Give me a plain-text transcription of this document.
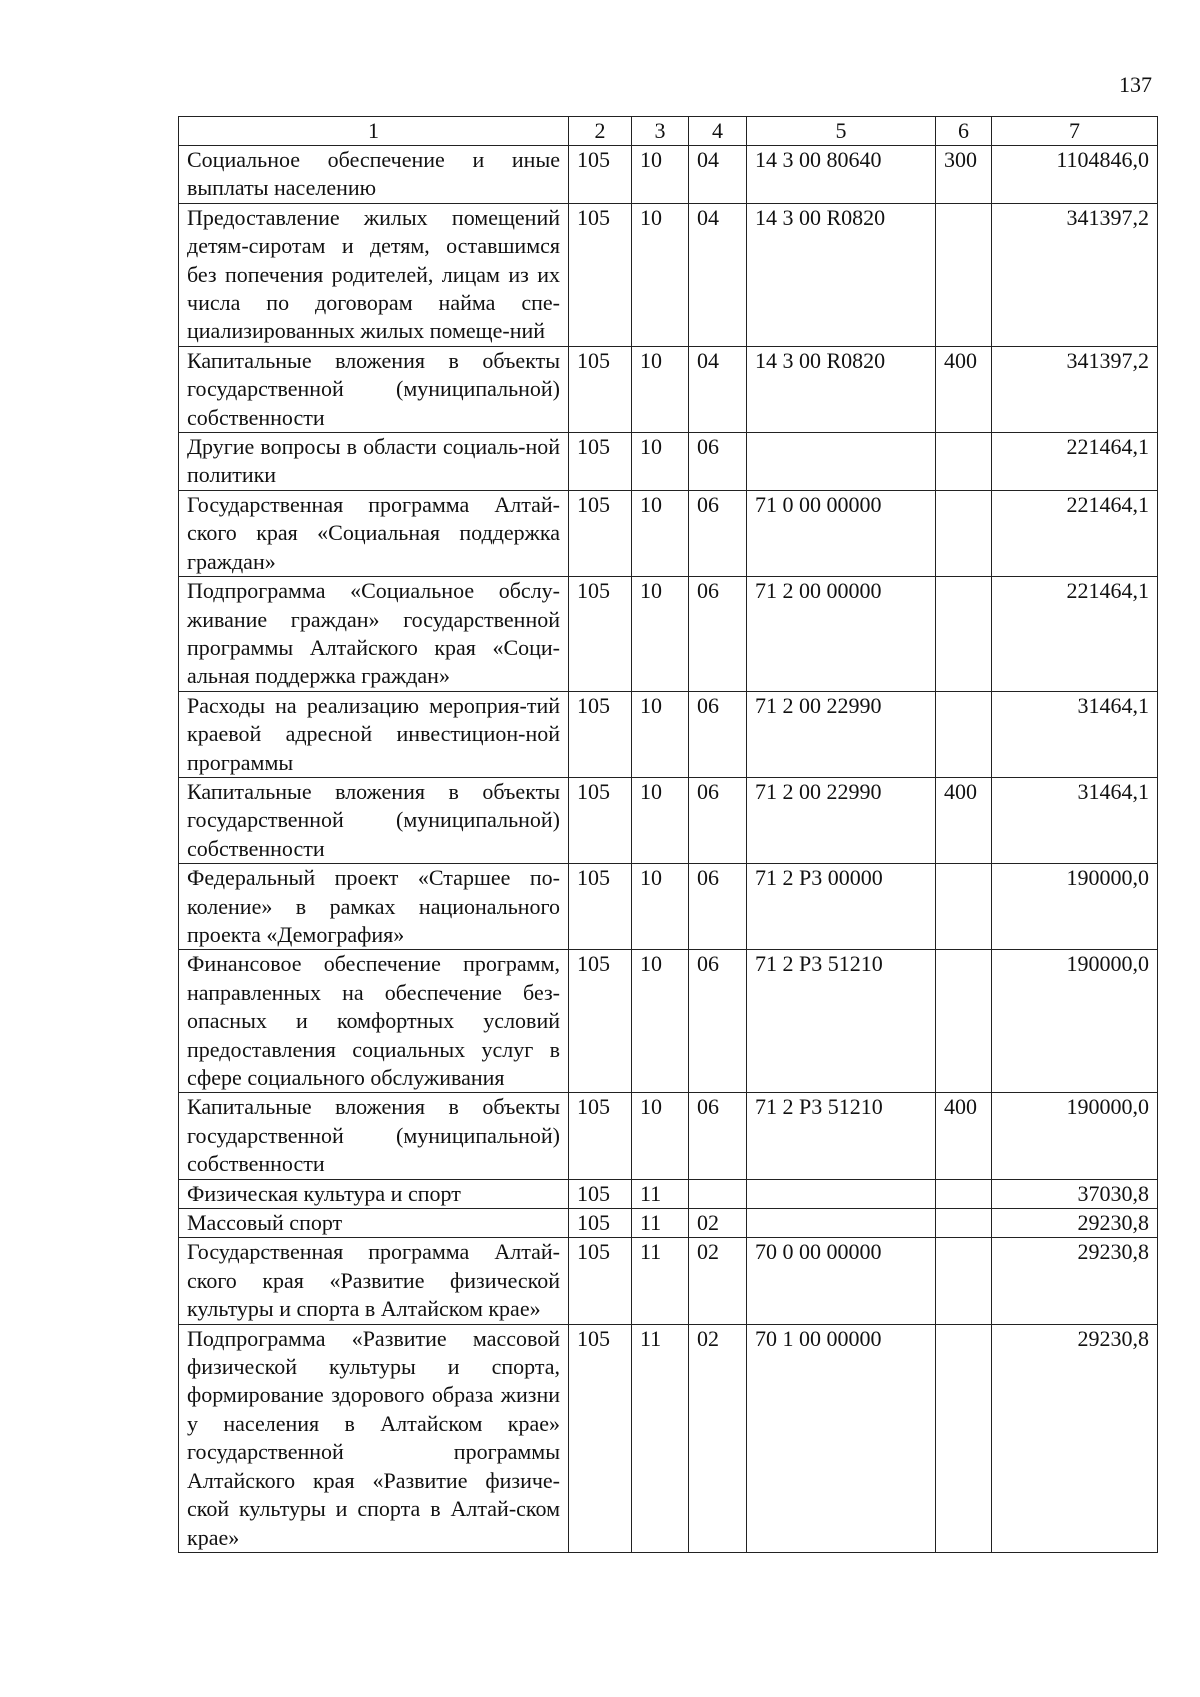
137
1	2	3	4	5	6	7
Социальное обеспечение и иные выплаты населению	105	10	04	14 3 00 80640	300	1104846,0
Предоставление жилых помещений детям-сиротам и детям, оставшимся без попечения родителей, лицам из их числа по договорам найма спе-циализированных жилых помеще-ний	105	10	04	14 3 00 R0820		341397,2
Капитальные вложения в объекты государственной (муниципальной) собственности	105	10	04	14 3 00 R0820	400	341397,2
Другие вопросы в области социаль-ной политики	105	10	06			221464,1
Государственная программа Алтай-ского края «Социальная поддержка граждан»	105	10	06	71 0 00 00000		221464,1
Подпрограмма «Социальное обслу-живание граждан» государственной программы Алтайского края «Соци-альная поддержка граждан»	105	10	06	71 2 00 00000		221464,1
Расходы на реализацию мероприя-тий краевой адресной инвестицион-ной программы	105	10	06	71 2 00 22990		31464,1
Капитальные вложения в объекты государственной (муниципальной) собственности	105	10	06	71 2 00 22990	400	31464,1
Федеральный проект «Старшее по-коление» в рамках национального проекта «Демография»	105	10	06	71 2 P3 00000		190000,0
Финансовое обеспечение программ, направленных на обеспечение без-опасных и комфортных условий предоставления социальных услуг в сфере социального обслуживания	105	10	06	71 2 P3 51210		190000,0
Капитальные вложения в объекты государственной (муниципальной) собственности	105	10	06	71 2 P3 51210	400	190000,0
Физическая культура и спорт	105	11				37030,8
Массовый спорт	105	11	02			29230,8
Государственная программа Алтай-ского края «Развитие физической культуры и спорта в Алтайском крае»	105	11	02	70 0 00 00000		29230,8
Подпрограмма «Развитие массовой физической культуры и спорта, формирование здорового образа жизни у населения в Алтайском крае» государственной программы Алтайского края «Развитие физиче-ской культуры и спорта в Алтай-ском крае»	105	11	02	70 1 00 00000		29230,8
